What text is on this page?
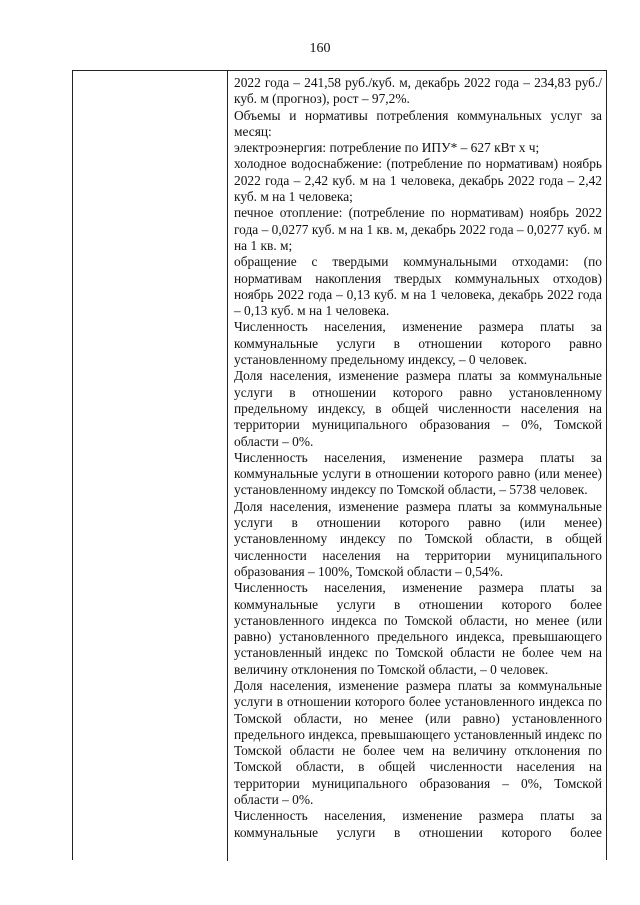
160

2022 года – 241,58 руб./куб. м, декабрь 2022 года – 234,83 руб./куб. м (прогноз), рост – 97,2%.

Объемы и нормативы потребления коммунальных услуг за месяц:

электроэнергия: потребление по ИПУ* – 627 кВт х ч;

холодное водоснабжение: (потребление по нормативам) ноябрь 2022 года – 2,42 куб. м на 1 человека, декабрь 2022 года – 2,42 куб. м на 1 человека;

печное отопление: (потребление по нормативам) ноябрь 2022 года – 0,0277 куб. м на 1 кв. м, декабрь 2022 года – 0,0277 куб. м на 1 кв. м;

обращение с твердыми коммунальными отходами: (по нормативам накопления твердых коммунальных отходов) ноябрь 2022 года – 0,13 куб. м на 1 человека, декабрь 2022 года – 0,13 куб. м на 1 человека.

Численность населения, изменение размера платы за коммунальные услуги в отношении которого равно установленному предельному индексу, – 0 человек.

Доля населения, изменение размера платы за коммунальные услуги в отношении которого равно установленному предельному индексу, в общей численности населения на территории муниципального образования – 0%, Томской области – 0%.

Численность населения, изменение размера платы за коммунальные услуги в отношении которого равно (или менее) установленному индексу по Томской области, – 5738 человек.

Доля населения, изменение размера платы за коммунальные услуги в отношении которого равно (или менее) установленному индексу по Томской области, в общей численности населения на территории муниципального образования – 100%, Томской области – 0,54%.

Численность населения, изменение размера платы за коммунальные услуги в отношении которого более установленного индекса по Томской области, но менее (или равно) установленного предельного индекса, превышающего установленный индекс по Томской области не более чем на величину отклонения по Томской области, – 0 человек.

Доля населения, изменение размера платы за коммунальные услуги в отношении которого более установленного индекса по Томской области, но менее (или равно) установленного предельного индекса, превышающего установленный индекс по Томской области не более чем на величину отклонения по Томской области, в общей численности населения на территории муниципального образования – 0%, Томской области – 0%.

Численность населения, изменение размера платы за коммунальные услуги в отношении которого более
